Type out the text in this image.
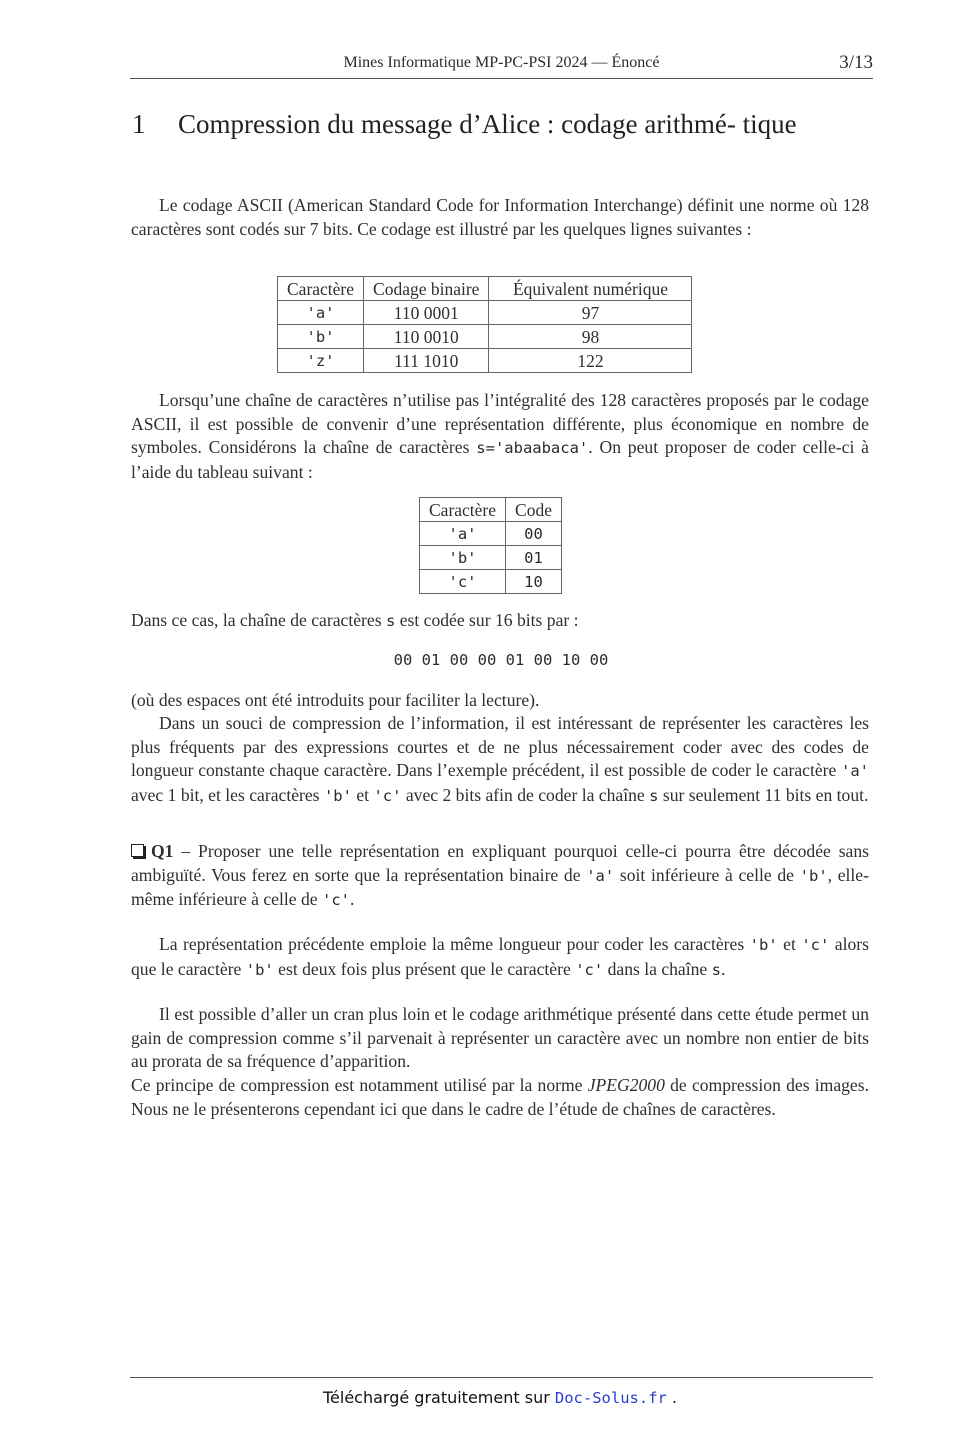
Mines Informatique MP-PC-PSI 2024 — Énoncé	3/13
1 Compression du message d’Alice : codage arithmé- tique
Le codage ASCII (American Standard Code for Information Interchange) définit une norme où 128 caractères sont codés sur 7 bits. Ce codage est illustré par les quelques lignes suivantes :
Caractère	Codage binaire	Équivalent numérique
'a'	110 0001	97
'b'	110 0010	98
'z'	111 1010	122
Lorsqu’une chaîne de caractères n’utilise pas l’intégralité des 128 caractères proposés par le codage ASCII, il est possible de convenir d’une représentation différente, plus économique en nombre de symboles. Considérons la chaîne de caractères s='abaabaca'. On peut proposer de coder celle-ci à l’aide du tableau suivant :
Caractère	Code
'a'	00
'b'	01
'c'	10
Dans ce cas, la chaîne de caractères s est codée sur 16 bits par :
00 01 00 00 01 00 10 00
(où des espaces ont été introduits pour faciliter la lecture).
Dans un souci de compression de l’information, il est intéressant de représenter les caractères les plus fréquents par des expressions courtes et de ne plus nécessairement coder avec des codes de longueur constante chaque caractère. Dans l’exemple précédent, il est possible de coder le caractère 'a' avec 1 bit, et les caractères 'b' et 'c' avec 2 bits afin de coder la chaîne s sur seulement 11 bits en tout.
Q1 – Proposer une telle représentation en expliquant pourquoi celle-ci pourra être décodée sans ambiguïté. Vous ferez en sorte que la représentation binaire de 'a' soit inférieure à celle de 'b', elle-même inférieure à celle de 'c'.
La représentation précédente emploie la même longueur pour coder les caractères 'b' et 'c' alors que le caractère 'b' est deux fois plus présent que le caractère 'c' dans la chaîne s.
Il est possible d’aller un cran plus loin et le codage arithmétique présenté dans cette étude permet un gain de compression comme s’il parvenait à représenter un caractère avec un nombre non entier de bits au prorata de sa fréquence d’apparition.
Ce principe de compression est notamment utilisé par la norme JPEG2000 de compression des images. Nous ne le présenterons cependant ici que dans le cadre de l’étude de chaînes de caractères.
Téléchargé gratuitement sur Doc-Solus.fr .
